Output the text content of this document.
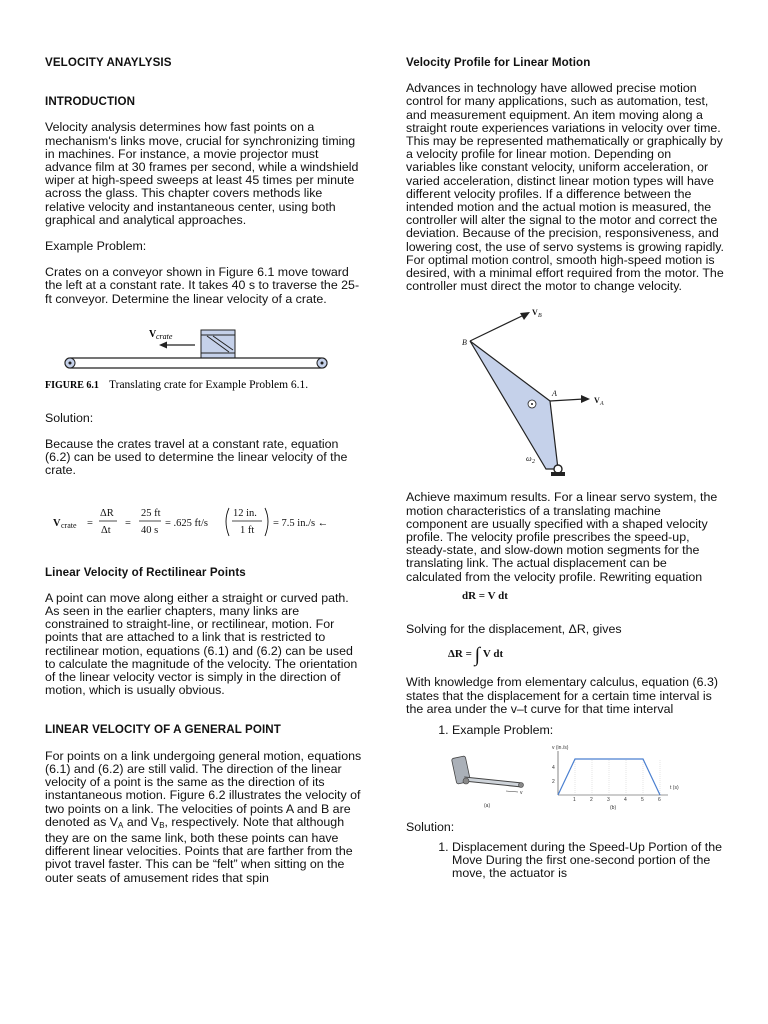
VELOCITY ANAYLYSIS

INTRODUCTION

Velocity analysis determines how fast points on a mechanism's links move, crucial for synchronizing timing in machines. For instance, a movie projector must advance film at 30 frames per second, while a windshield wiper at high-speed sweeps at least 45 times per minute across the glass. This chapter covers methods like relative velocity and instantaneous center, using both graphical and analytical approaches.

Example Problem:

Crates on a conveyor shown in Figure 6.1 move toward the left at a constant rate. It takes 40 s to traverse the 25-ft conveyor. Determine the linear velocity of a crate.

V crate
FIGURE 6.1 Translating crate for Example Problem 6.1.

Solution:

Because the crates travel at a constant rate, equation (6.2) can be used to determine the linear velocity of the crate.

V crate =
ΔR
Δt
=
25 ft
40 s
= .625 ft/s
12 in.
1 ft
= 7.5 in./s ←

Linear Velocity of Rectilinear Points

A point can move along either a straight or curved path. As seen in the earlier chapters, many links are constrained to straight-line, or rectilinear, motion. For points that are attached to a link that is restricted to rectilinear motion, equations (6.1) and (6.2) can be used to calculate the magnitude of the velocity. The orientation of the linear velocity vector is simply in the direction of motion, which is usually obvious.

LINEAR VELOCITY OF A GENERAL POINT

For points on a link undergoing general motion, equations (6.1) and (6.2) are still valid. The direction of the linear velocity of a point is the same as the direction of its instantaneous motion. Figure 6.2 illustrates the velocity of two points on a link. The velocities of points A and B are denoted as $V_A$ and $V_B$, respectively. Note that although they are on the same link, both these points can have different linear velocities. Points that are farther from the pivot travel faster. This can be “felt” when sitting on the outer seats of amusement rides that spin

Velocity Profile for Linear Motion

Advances in technology have allowed precise motion control for many applications, such as automation, test, and measurement equipment. An item moving along a straight route experiences variations in velocity over time. This may be represented mathematically or graphically by a velocity profile for linear motion. Depending on variables like constant velocity, uniform acceleration, or varied acceleration, distinct linear motion types will have different velocity profiles. If a difference between the intended motion and the actual motion is measured, the controller will alter the signal to the motor and correct the deviation. Because of the precision, responsiveness, and lowering cost, the use of servo systems is growing rapidly. For optimal motion control, smooth high-speed motion is desired, with a minimal effort required from the motor. The controller must direct the motor to change velocity.

V B
B
V A
A
ω 2

Achieve maximum results. For a linear servo system, the motion characteristics of a translating machine component are usually specified with a shaped velocity profile. The velocity profile prescribes the speed-up, steady-state, and slow-down motion segments for the translating link. The actual displacement can be calculated from the velocity profile. Rewriting equation

dR = V dt

Solving for the displacement, ΔR, gives

ΔR = ∫ V dt

With knowledge from elementary calculus, equation (6.3) states that the displacement for a certain time interval is the area under the v–t curve for that time interval

1. Example Problem:
v
(a)
v (in./s)
t (s)
4
2
1	2	3	4	5	6
(b)

Solution:

1. Displacement during the Speed-Up Portion of the Move During the first one-second portion of the move, the actuator is
